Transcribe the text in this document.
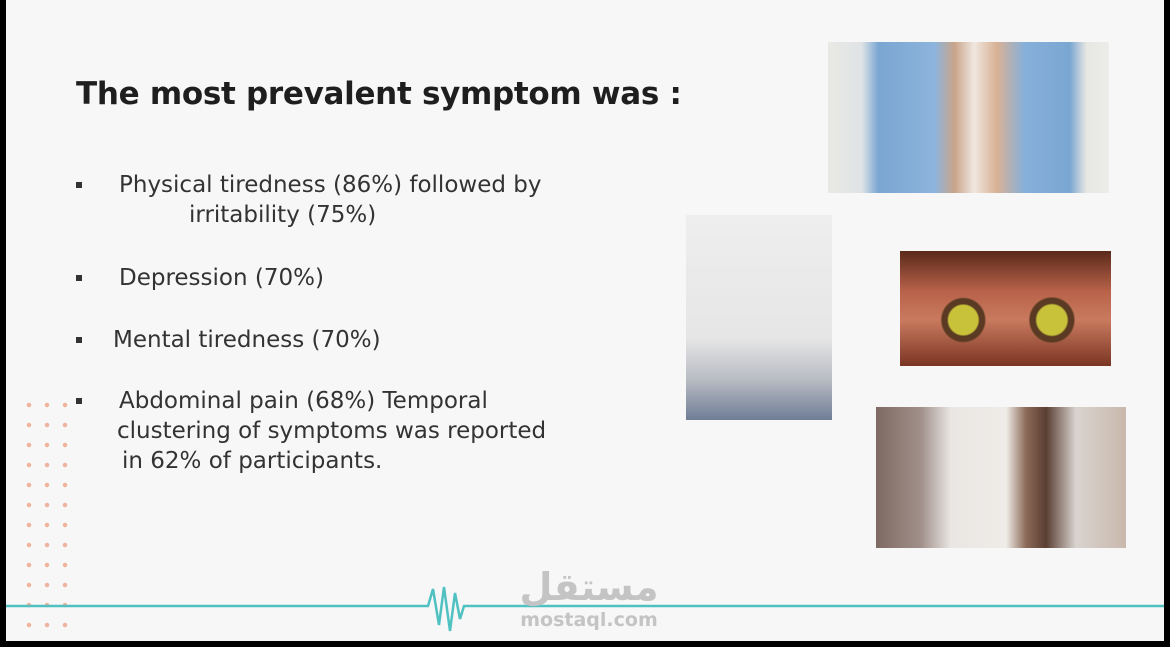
The most prevalent symptom was :
Physical tiredness (86%) followed by
irritability (75%)
Depression (70%)
Mental tiredness (70%)
Abdominal pain (68%) Temporal
clustering of symptoms was reported
in 62% of participants.
مستقل
mostaql.com
